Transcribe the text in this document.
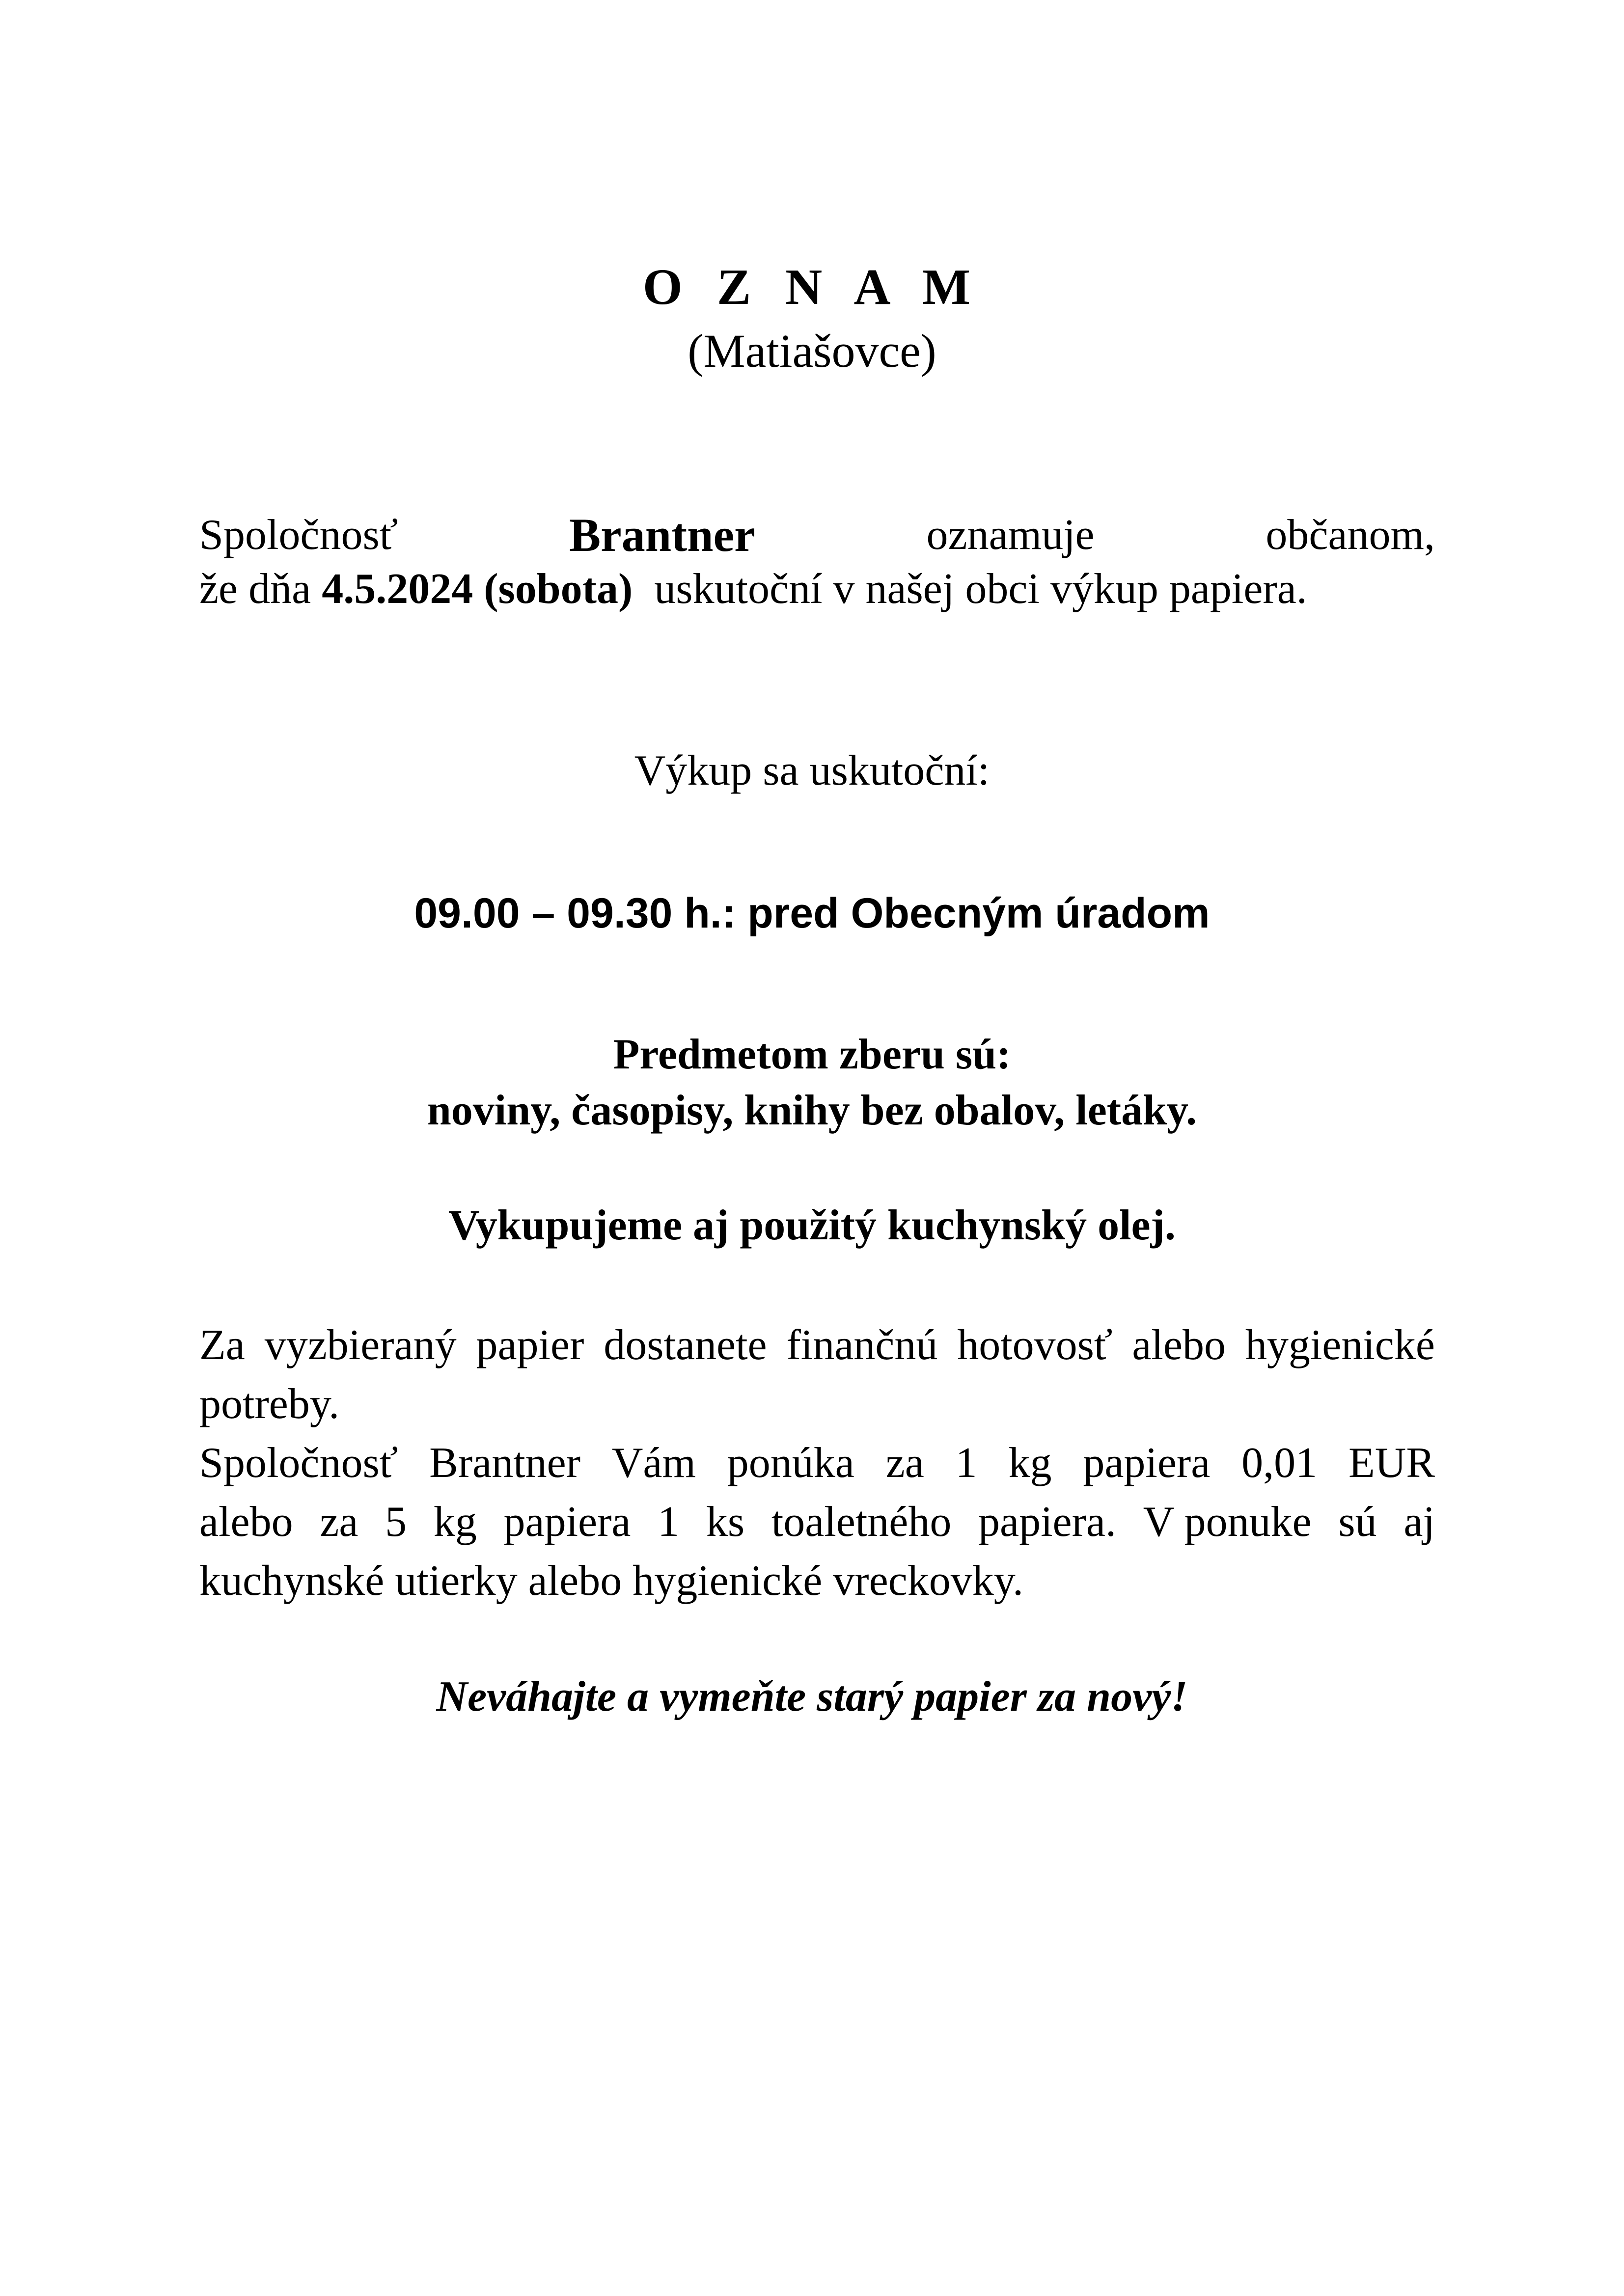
O Z N A M
(Matiašovce)
Spoločnosť	Brantner	oznamuje	občanom,
že dňa 4.5.2024 (sobota)  uskutoční v našej obci výkup papiera.
Výkup sa uskutoční:
09.00 – 09.30 h.: pred Obecným úradom
Predmetom zberu sú:
noviny, časopisy, knihy bez obalov, letáky.
Vykupujeme aj použitý kuchynský olej.
Za vyzbieraný papier dostanete finančnú hotovosť alebo hygienické
potreby.
Spoločnosť Brantner Vám ponúka za 1 kg papiera 0,01 EUR
alebo za 5 kg papiera 1 ks toaletného papiera. V ponuke sú aj
kuchynské utierky alebo hygienické vreckovky.
Neváhajte a vymeňte starý papier za nový!
